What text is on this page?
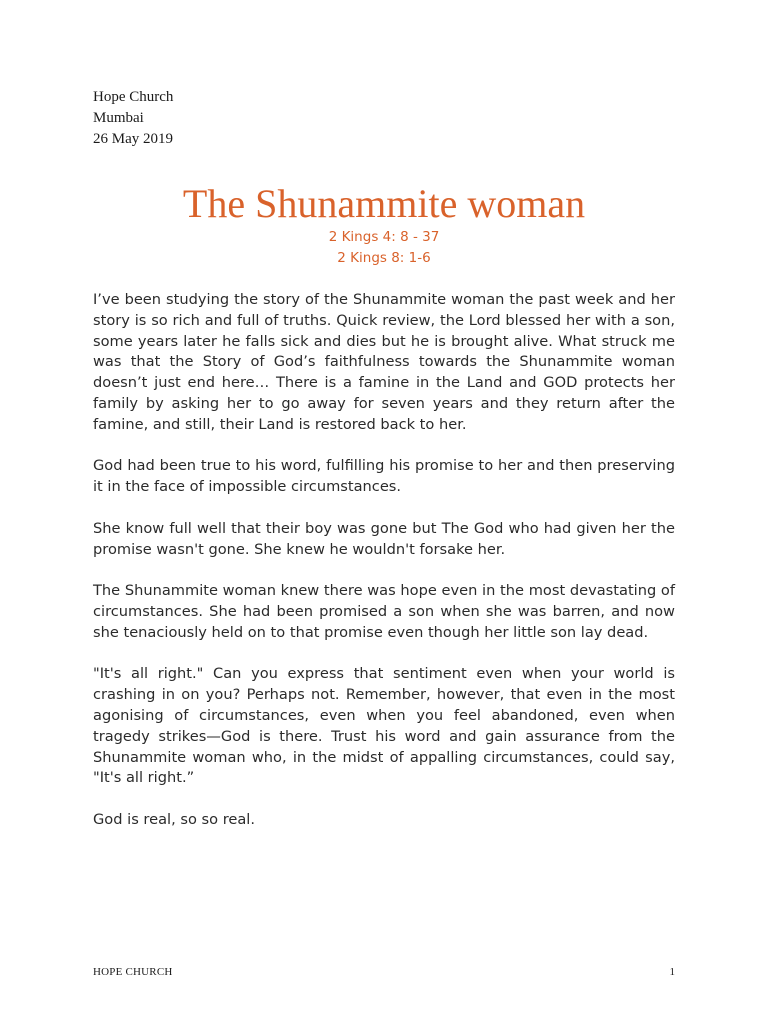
Hope Church
Mumbai
26 May 2019
The Shunammite woman
2 Kings 4: 8 - 37
2 Kings 8: 1-6

I’ve been studying the story of the Shunammite woman the past week and her story is so rich and full of truths. Quick review, the Lord blessed her with a son, some years later he falls sick and dies but he is brought alive. What struck me was that the Story of God’s faithfulness towards the Shunammite woman doesn’t just end here… There is a famine in the Land and GOD protects her family by asking her to go away for seven years and they return after the famine, and still, their Land is restored back to her.

God had been true to his word, fulfilling his promise to her and then preserving it in the face of impossible circumstances.

She know full well that their boy was gone but The God who had given her the promise wasn't gone. She knew he wouldn't forsake her.

The Shunammite woman knew there was hope even in the most devastating of circumstances. She had been promised a son when she was barren, and now she tenaciously held on to that promise even though her little son lay dead.

"It's all right." Can you express that sentiment even when your world is crashing in on you? Perhaps not. Remember, however, that even in the most agonising of circumstances, even when you feel abandoned, even when tragedy strikes—God is there. Trust his word and gain assurance from the Shunammite woman who, in the midst of appalling circumstances, could say, "It's all right.”

God is real, so so real.

HOPE CHURCH	1
